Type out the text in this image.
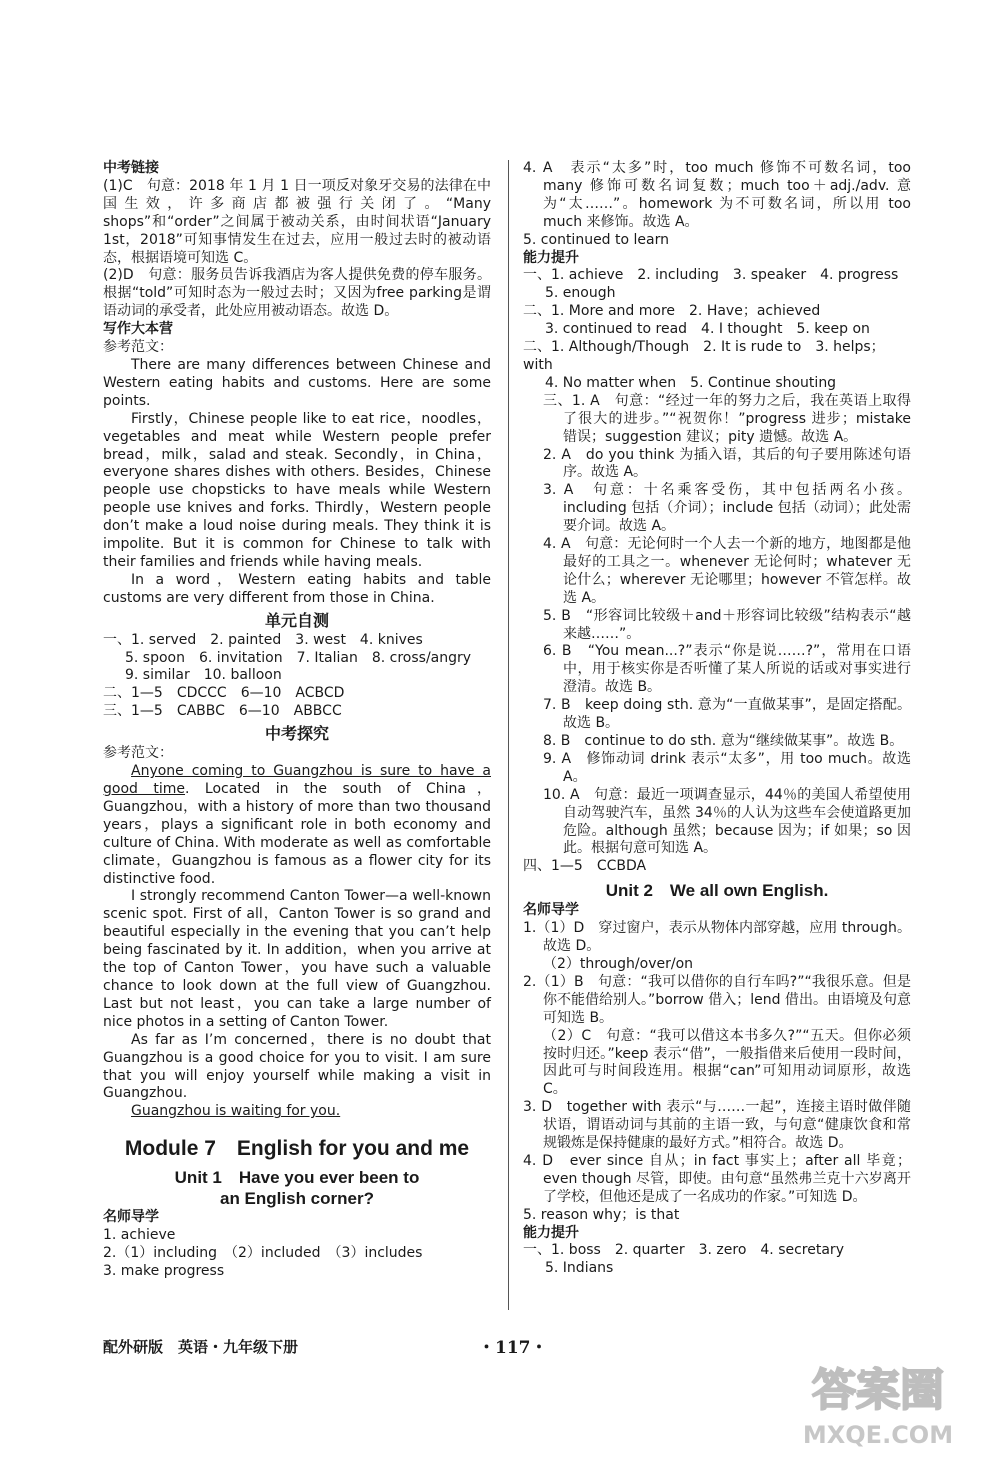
中考链接

(1)C　句意：2018 年 1 月 1 日一项反对象牙交易的法律在中国生效，许多商店都被强行关闭了。“Many shops”和“order”之间属于被动关系，由时间状语“January 1st，2018”可知事情发生在过去，应用一般过去时的被动语态，根据语境可知选 C。

(2)D　句意：服务员告诉我酒店为客人提供免费的停车服务。根据“told”可知时态为一般过去时；又因为free parking是谓语动词的承受者，此处应用被动语态。故选 D。

写作大本营

参考范文：

There are many differences between Chinese and Western eating habits and customs. Here are some points.

Firstly，Chinese people like to eat rice，noodles，vegetables and meat while Western people prefer bread，milk，salad and steak. Secondly，in China，everyone shares dishes with others. Besides，Chinese people use chopsticks to have meals while Western people use knives and forks. Thirdly，Western people don’t make a loud noise during meals. They think it is impolite. But it is common for Chinese to talk with their families and friends while having meals.

In a word，Western eating habits and table customs are very different from those in China.

单元自测

一、1. served　2. painted　3. west　4. knives

5. spoon　6. invitation　7. Italian　8. cross/angry

9. similar　10. balloon

二、1—5　CDCCC　6—10　ACBCD

三、1—5　CABBC　6—10　ABBCC

中考探究

参考范文：

Anyone coming to Guangzhou is sure to have a good time. Located in the south of China，Guangzhou，with a history of more than two thousand years，plays a significant role in both economy and culture of China. With moderate as well as comfortable climate，Guangzhou is famous as a flower city for its distinctive food.

I strongly recommend Canton Tower—a well-known scenic spot. First of all，Canton Tower is so grand and beautiful especially in the evening that you can’t help being fascinated by it. In addition，when you arrive at the top of Canton Tower，you have such a valuable chance to look down at the full view of Guangzhou. Last but not least，you can take a large number of nice photos in a setting of Canton Tower.

As far as I’m concerned，there is no doubt that Guangzhou is a good choice for you to visit. I am sure that you will enjoy yourself while making a visit in Guangzhou.

Guangzhou is waiting for you.

Module 7　English for you and me

Unit 1　Have you ever been to

an English corner?

名师导学

1. achieve

2.（1）including　（2）included　（3）includes

3. make progress

4. A　表示“太多”时，too much 修饰不可数名词，too many 修饰可数名词复数；much too＋adj./adv. 意为“太……”。homework 为不可数名词，所以用 too much 来修饰。故选 A。

5. continued to learn

能力提升

一、1. achieve　2. including　3. speaker　4. progress

5. enough

二、1. More and more　2. Have；achieved

3. continued to read　4. I thought　5. keep on

二、1. Although/Though　2. It is rude to　3. helps；with

4. No matter when　5. Continue shouting

三、1. A　句意：“经过一年的努力之后，我在英语上取得了很大的进步。”“祝贺你！”progress 进步；mistake 错误；suggestion 建议；pity 遗憾。故选 A。

2. A　do you think 为插入语，其后的句子要用陈述句语序。故选 A。

3. A　句意：十名乘客受伤，其中包括两名小孩。including 包括（介词）；include 包括（动词）；此处需要介词。故选 A。

4. A　句意：无论何时一个人去一个新的地方，地图都是他最好的工具之一。whenever 无论何时；whatever 无论什么；wherever 无论哪里；however 不管怎样。故选 A。

5. B　“形容词比较级＋and＋形容词比较级”结构表示“越来越……”。

6. B　“You mean...?”表示“你是说……?”，常用在口语中，用于核实你是否听懂了某人所说的话或对事实进行澄清。故选 B。

7. B　keep doing sth. 意为“一直做某事”，是固定搭配。故选 B。

8. B　continue to do sth. 意为“继续做某事”。故选 B。

9. A　修饰动词 drink 表示“太多”，用 too much。故选 A。

10. A　句意：最近一项调查显示，44％的美国人希望使用自动驾驶汽车，虽然 34％的人认为这些车会使道路更加危险。although 虽然；because 因为；if 如果；so 因此。根据句意可知选 A。

四、1—5　CCBDA

Unit 2　We all own English.

名师导学

1.（1）D　穿过窗户，表示从物体内部穿越，应用 through。故选 D。

（2）through/over/on

2.（1）B　句意：“我可以借你的自行车吗?”“我很乐意。但是你不能借给别人。”borrow 借入；lend 借出。由语境及句意可知选 B。

（2）C　句意：“我可以借这本书多久?”“五天。但你必须按时归还。”keep 表示“借”，一般指借来后使用一段时间，因此可与时间段连用。根据“can”可知用动词原形，故选 C。

3. D　together with 表示“与……一起”，连接主语时做伴随状语，谓语动词与其前的主语一致，与句意“健康饮食和常规锻炼是保持健康的最好方式。”相符合。故选 D。

4. D　ever since 自从；in fact 事实上；after all 毕竟；even though 尽管，即使。由句意“虽然弗兰克十六岁离开了学校，但他还是成了一名成功的作家。”可知选 D。

5. reason why；is that

能力提升

一、1. boss　2. quarter　3. zero　4. secretary

5. Indians

配外研版　英语・九年级下册	・117・
答案圈
MXQE.COM
